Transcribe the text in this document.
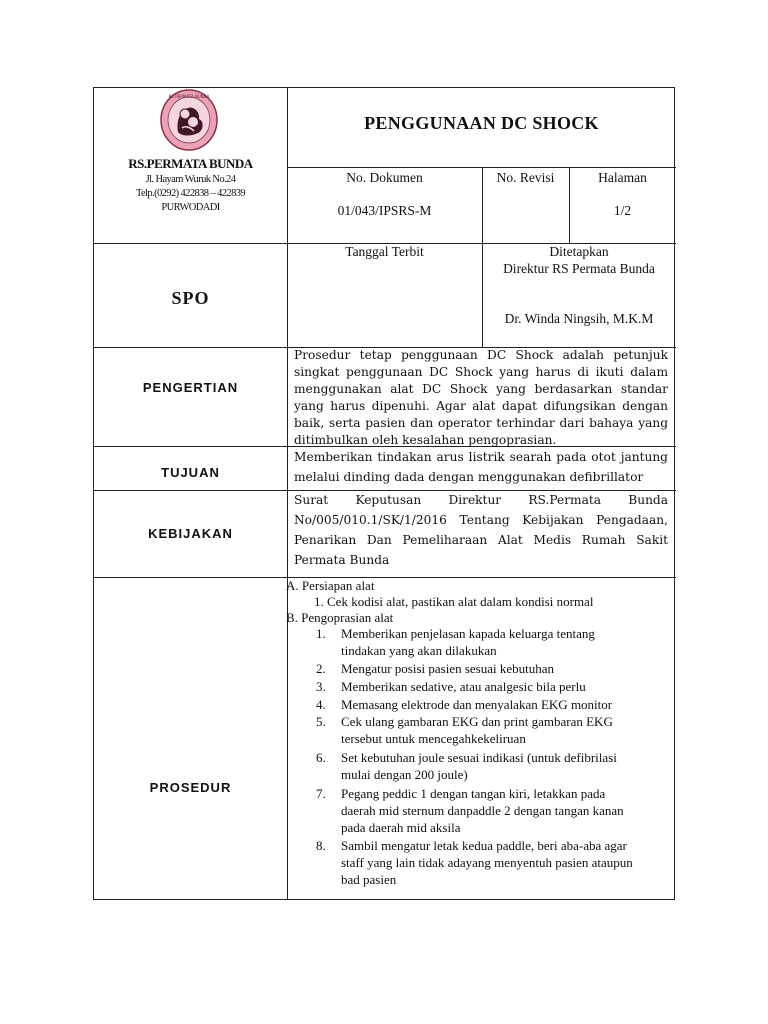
RS PERMATA BUNDA
RS.PERMATA BUNDA
Jl. Hayam Wuruk No.24
Telp.(0292) 422838 – 422839
PURWODADI
PENGGUNAAN DC SHOCK
No. Dokumen
01/043/IPSRS-M
No. Revisi	Halaman
1/2
SPO
Tanggal Terbit	Ditetapkan
Direktur RS Permata Bunda
Dr. Winda Ningsih, M.K.M
PENGERTIAN
Prosedur tetap penggunaan DC Shock adalah petunjuk singkat penggunaan DC Shock yang harus di ikuti dalam menggunakan alat DC Shock yang berdasarkan standar yang harus dipenuhi. Agar alat dapat difungsikan dengan baik, serta pasien dan operator terhindar dari bahaya yang ditimbulkan oleh kesalahan pengoprasian.
TUJUAN
Memberikan tindakan arus listrik searah pada otot jantung melalui dinding dada dengan menggunakan defibrillator
KEBIJAKAN
Surat Keputusan Direktur RS.Permata Bunda No/005/010.1/SK/1/2016 Tentang Kebijakan Pengadaan, Penarikan Dan Pemeliharaan Alat Medis Rumah Sakit Permata Bunda
PROSEDUR
A. Persiapan alat
1. Cek kodisi alat, pastikan alat dalam kondisi normal
B. Pengoprasian alat
1. Memberikan penjelasan kapada keluarga tentang
tindakan yang akan dilakukan
2. Mengatur posisi pasien sesuai kebutuhan
3. Memberikan sedative, atau analgesic bila perlu
4. Memasang elektrode dan menyalakan EKG monitor
5. Cek ulang gambaran EKG dan print gambaran EKG
tersebut untuk mencegahkekeliruan
6. Set kebutuhan joule sesuai indikasi (untuk defibrilasi
mulai dengan 200 joule)
7. Pegang peddic 1 dengan tangan kiri, letakkan pada
daerah mid sternum danpaddle 2 dengan tangan kanan
pada daerah mid aksila
8. Sambil mengatur letak kedua paddle, beri aba-aba agar
staff yang lain tidak adayang menyentuh pasien ataupun
bad pasien
